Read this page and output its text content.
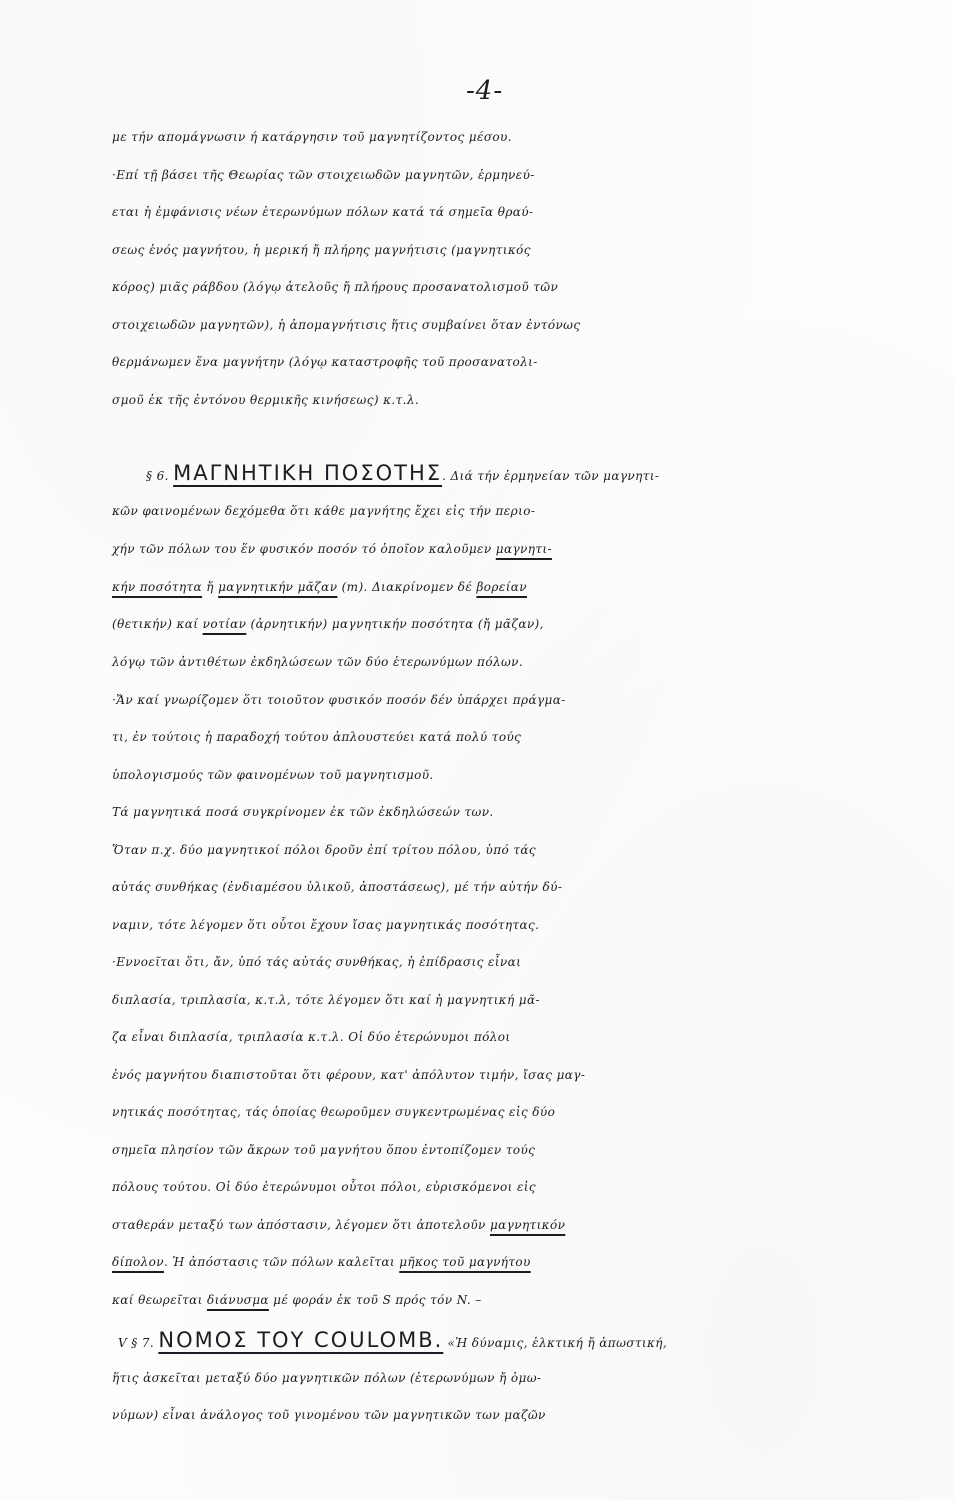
-4-
με τήν απομάγνωσιν ή κατάργησιν τοῦ μαγνητίζοντος μέσου.
·Επί τῇ βάσει τῆς Θεωρίας τῶν στοιχειωδῶν μαγνητῶν, ἑρμηνεύ-
εται ἡ ἐμφάνισις νέων ἑτερωνύμων πόλων κατά τά σημεῖα θραύ-
σεως ἑνός μαγνήτου, ἡ μερική ἤ πλήρης μαγνήτισις (μαγνητικός
κόρος) μιᾶς ράβδου (λόγῳ ἀτελοῦς ἤ πλήρους προσανατολισμοῦ τῶν
στοιχειωδῶν μαγνητῶν), ἡ ἀπομαγνήτισις ἥτις συμβαίνει ὅταν ἐντόνως
θερμάνωμεν ἕνα μαγνήτην (λόγῳ καταστροφῆς τοῦ προσανατολι-
σμοῦ ἐκ τῆς ἐντόνου θερμικῆς κινήσεως) κ.τ.λ.
§ 6. ΜΑΓΝΗΤΙΚΗ ΠΟΣΟΤΗΣ. Διά τήν ἑρμηνείαν τῶν μαγνητι-
κῶν φαινομένων δεχόμεθα ὅτι κάθε μαγνήτης ἔχει εἰς τήν περιο-
χήν τῶν πόλων του ἕν φυσικόν ποσόν τό ὁποῖον καλοῦμεν μαγνητι-
κήν ποσότητα ἤ μαγνητικήν μᾶζαν (m). Διακρίνομεν δέ βορείαν
(θετικήν) καί νοτίαν (ἀρνητικήν) μαγνητικήν ποσότητα (ἤ μᾶζαν),
λόγῳ τῶν ἀντιθέτων ἐκδηλώσεων τῶν δύο ἑτερωνύμων πόλων.
·Ἄν καί γνωρίζομεν ὅτι τοιοῦτον φυσικόν ποσόν δέν ὑπάρχει πράγμα-
τι, ἐν τούτοις ἡ παραδοχή τούτου ἁπλουστεύει κατά πολύ τούς
ὑπολογισμούς τῶν φαινομένων τοῦ μαγνητισμοῦ.
Τά μαγνητικά ποσά συγκρίνομεν ἐκ τῶν ἐκδηλώσεών των.
Ὅταν π.χ. δύο μαγνητικοί πόλοι δροῦν ἐπί τρίτου πόλου, ὑπό τάς
αὐτάς συνθήκας (ἐνδιαμέσου ὑλικοῦ, ἀποστάσεως), μέ τήν αὐτήν δύ-
ναμιν, τότε λέγομεν ὅτι οὗτοι ἔχουν ἴσας μαγνητικάς ποσότητας.
·Εννοεῖται ὅτι, ἄν, ὑπό τάς αὐτάς συνθήκας, ἡ ἐπίδρασις εἶναι
διπλασία, τριπλασία, κ.τ.λ, τότε λέγομεν ὅτι καί ἡ μαγνητική μᾶ-
ζα εἶναι διπλασία, τριπλασία κ.τ.λ. Οἱ δύο ἑτερώνυμοι πόλοι
ἑνός μαγνήτου διαπιστοῦται ὅτι φέρουν, κατ' ἀπόλυτον τιμήν, ἴσας μαγ-
νητικάς ποσότητας, τάς ὁποίας θεωροῦμεν συγκεντρωμένας εἰς δύο
σημεῖα πλησίον τῶν ἄκρων τοῦ μαγνήτου ὅπου ἐντοπίζομεν τούς
πόλους τούτου. Οἱ δύο ἑτερώνυμοι οὗτοι πόλοι, εὑρισκόμενοι εἰς
σταθεράν μεταξύ των ἀπόστασιν, λέγομεν ὅτι ἀποτελοῦν μαγνητικόν
δίπολον. Ἡ ἀπόστασις τῶν πόλων καλεῖται μῆκος τοῦ μαγνήτου
καί θεωρεῖται διάνυσμα μέ φοράν ἐκ τοῦ S πρός τόν N. –
V § 7. ΝΟΜΟΣ ΤΟΥ COULOMB. «Ἡ δύναμις, ἑλκτική ἤ ἀπωστική,
ἥτις ἀσκεῖται μεταξύ δύο μαγνητικῶν πόλων (ἑτερωνύμων ἤ ὁμω-
νύμων) εἶναι ἀνάλογος τοῦ γινομένου τῶν μαγνητικῶν των μαζῶν
